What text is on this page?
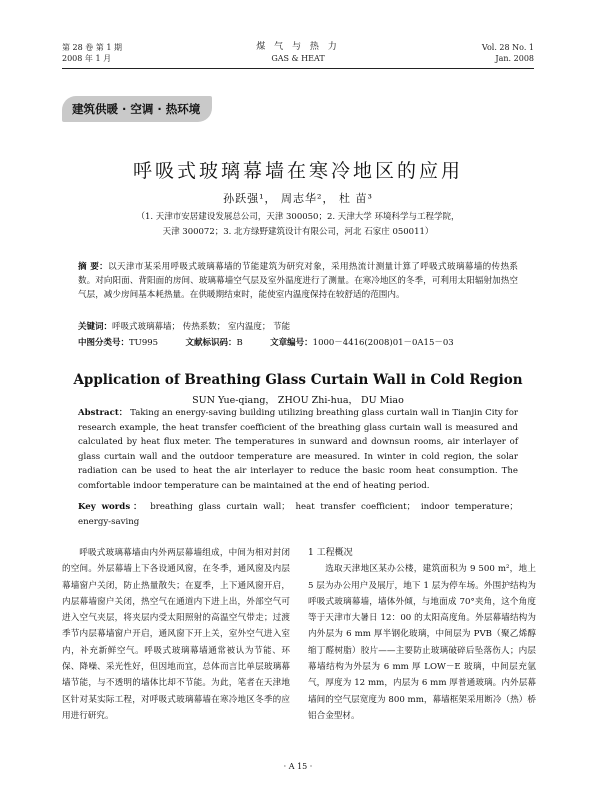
第 28 卷 第 1 期
2008 年 1 月
煤 气 与 热 力
GAS & HEAT
Vol. 28 No. 1
Jan. 2008
建筑供暖 · 空调 · 热环境
呼吸式玻璃幕墙在寒冷地区的应用
孙跃强¹， 周志华²， 杜 苗³
（1. 天津市安居建设发展总公司，天津 300050；2. 天津大学 环境科学与工程学院，
天津 300072；3. 北方绿野建筑设计有限公司，河北 石家庄 050011）
摘 要：以天津市某采用呼吸式玻璃幕墙的节能建筑为研究对象，采用热流计测量计算了呼吸式玻璃幕墙的传热系数。对向阳面、背阳面的房间、玻璃幕墙空气层及室外温度进行了测量。在寒冷地区的冬季，可利用太阳辐射加热空气层，减少房间基本耗热量。在供暖期结束时，能使室内温度保持在较舒适的范围内。
关键词：呼吸式玻璃幕墙； 传热系数； 室内温度； 节能
中图分类号：TU995	文献标识码：B	文章编号：1000－4416(2008)01－0A15－03
Application of Breathing Glass Curtain Wall in Cold Region
SUN Yue-qiang， ZHOU Zhi-hua， DU Miao
Abstract： Taking an energy-saving building utilizing breathing glass curtain wall in Tianjin City for research example, the heat transfer coefficient of the breathing glass curtain wall is measured and calculated by heat flux meter. The temperatures in sunward and downsun rooms, air interlayer of glass curtain wall and the outdoor temperature are measured. In winter in cold region, the solar radiation can be used to heat the air interlayer to reduce the basic room heat consumption. The comfortable indoor temperature can be maintained at the end of heating period.
Key words： breathing glass curtain wall； heat transfer coefficient； indoor temperature； energy-saving
呼吸式玻璃幕墙由内外两层幕墙组成，中间为相对封闭的空间。外层幕墙上下各设通风窗，在冬季，通风窗及内层幕墙窗户关闭，防止热量散失；在夏季，上下通风窗开启，内层幕墙窗户关闭，热空气在通道内下进上出，外部空气可进入空气夹层，将夹层内受太阳照射的高温空气带走；过渡季节内层幕墙窗户开启，通风窗下开上关，室外空气进入室内，补充新鲜空气。呼吸式玻璃幕墙通常被认为节能、环保、降噪、采光性好，但因地而宜，总体而言比单层玻璃幕墙节能，与不透明的墙体比却不节能。为此，笔者在天津地区针对某实际工程，对呼吸式玻璃幕墙在寒冷地区冬季的应用进行研究。
1 工程概况
选取天津地区某办公楼，建筑面积为 9 500 m²，地上 5 层为办公用户及展厅，地下 1 层为停车场。外围护结构为呼吸式玻璃幕墙，墙体外倾，与地面成 70°夹角，这个角度等于天津市大暑日 12：00 的太阳高度角。外层幕墙结构为内外层为 6 mm 厚半钢化玻璃，中间层为 PVB（聚乙烯醇缩丁醛树脂）胶片——主要防止玻璃破碎后坠落伤人；内层幕墙结构为外层为 6 mm 厚 LOW－E 玻璃，中间层充氩气，厚度为 12 mm，内层为 6 mm 厚普通玻璃。内外层幕墙间的空气层宽度为 800 mm，幕墙框架采用断冷（热）桥铝合金型材。
· A 15 ·
